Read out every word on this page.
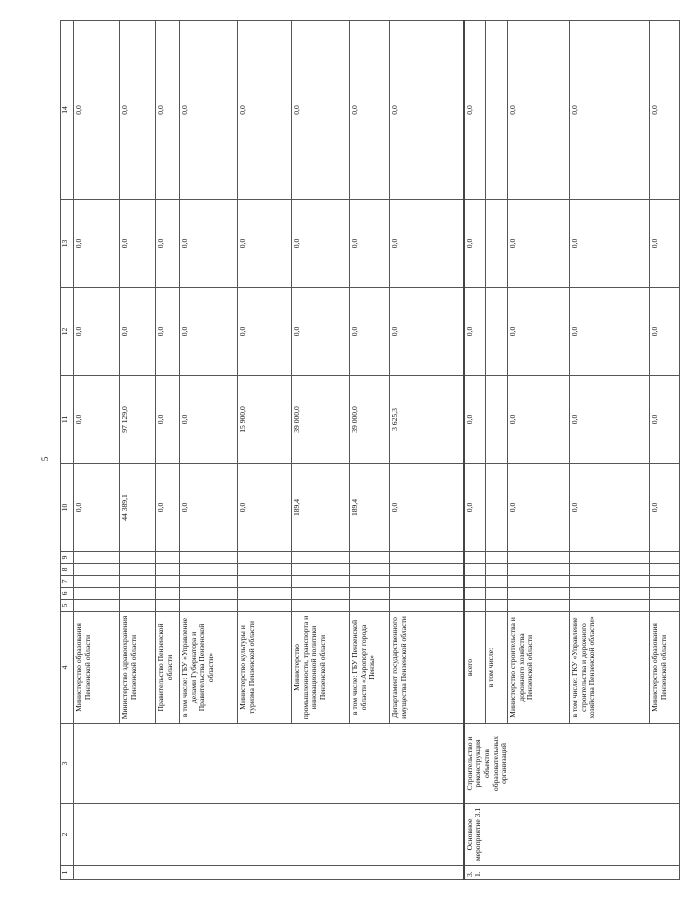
5
1	2	3	4	5	6	7	8	9	10	11	12	13	14
			Министерство образования Пензенской области						0,0	0,0	0,0	0,0	0,0
			Министерство здравоохранения Пензенской области						44 389,1	97 129,0	0,0	0,0	0,0
			Правительство Пензенской области						0,0	0,0	0,0	0,0	0,0
			в том числе: ГБУ «Управление делами Губернатора и Правительства Пензенской области»						0,0	0,0	0,0	0,0	0,0
			Министерство культуры и туризма Пензенской области						0,0	15 900,0	0,0	0,0	0,0
			Министерство промышленности, транспорта и инновационной политики Пензенской области						189,4	39 000,0	0,0	0,0	0,0
			в том числе: ГБУ Пензенской области «Аэропорт города Пензы»						189,4	39 000,0	0,0	0,0	0,0
			Департамент государственного имущества Пензенской области						0,0	3 625,3	0,0	0,0	0,0
3.1.	Основное мероприятие 3.1	Строительство и реконструкция объектов образовательных организаций	всего						0,0	0,0	0,0	0,0	0,0
			в том числе:										
			Министерство строительства и дорожного хозяйства Пензенской области						0,0	0,0	0,0	0,0	0,0
			в том числе: ГКУ «Управление строительства и дорожного хозяйства Пензенской области»						0,0	0,0	0,0	0,0	0,0
			Министерство образования Пензенской области						0,0	0,0	0,0	0,0	0,0
